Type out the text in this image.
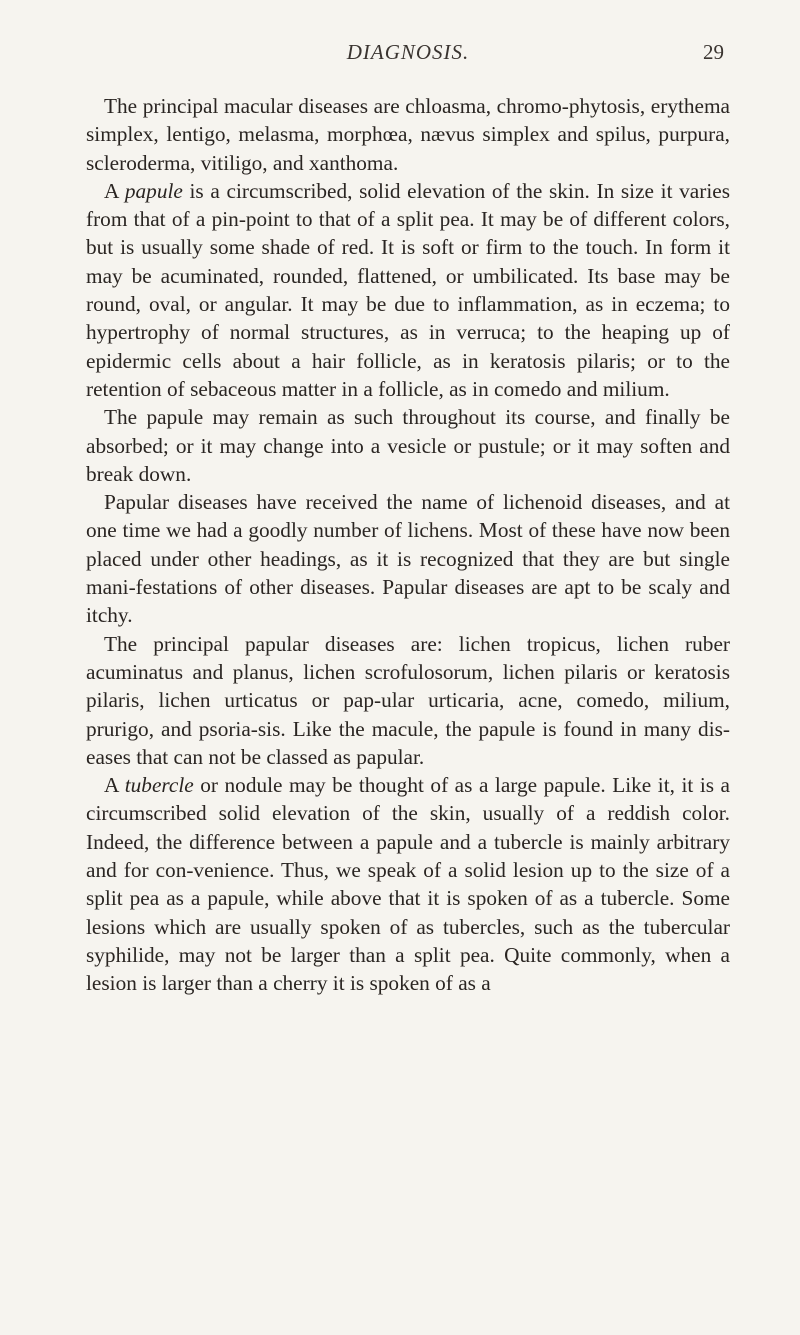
DIAGNOSIS.	29

The principal macular diseases are chloasma, chromo-phytosis, erythema simplex, lentigo, melasma, morphœa, nævus simplex and spilus, purpura, scleroderma, vitiligo, and xanthoma.

A papule is a circumscribed, solid elevation of the skin. In size it varies from that of a pin-point to that of a split pea. It may be of different colors, but is usually some shade of red. It is soft or firm to the touch. In form it may be acuminated, rounded, flattened, or umbilicated. Its base may be round, oval, or angular. It may be due to inflammation, as in eczema; to hypertrophy of normal structures, as in verruca; to the heaping up of epidermic cells about a hair follicle, as in keratosis pilaris; or to the retention of sebaceous matter in a follicle, as in comedo and milium.

The papule may remain as such throughout its course, and finally be absorbed; or it may change into a vesicle or pustule; or it may soften and break down.

Papular diseases have received the name of lichenoid diseases, and at one time we had a goodly number of lichens. Most of these have now been placed under other headings, as it is recognized that they are but single mani-festations of other diseases. Papular diseases are apt to be scaly and itchy.

The principal papular diseases are: lichen tropicus, lichen ruber acuminatus and planus, lichen scrofulosorum, lichen pilaris or keratosis pilaris, lichen urticatus or pap-ular urticaria, acne, comedo, milium, prurigo, and psoria-sis. Like the macule, the papule is found in many dis-eases that can not be classed as papular.

A tubercle or nodule may be thought of as a large papule. Like it, it is a circumscribed solid elevation of the skin, usually of a reddish color. Indeed, the difference between a papule and a tubercle is mainly arbitrary and for con-venience. Thus, we speak of a solid lesion up to the size of a split pea as a papule, while above that it is spoken of as a tubercle. Some lesions which are usually spoken of as tubercles, such as the tubercular syphilide, may not be larger than a split pea. Quite commonly, when a lesion is larger than a cherry it is spoken of as a
